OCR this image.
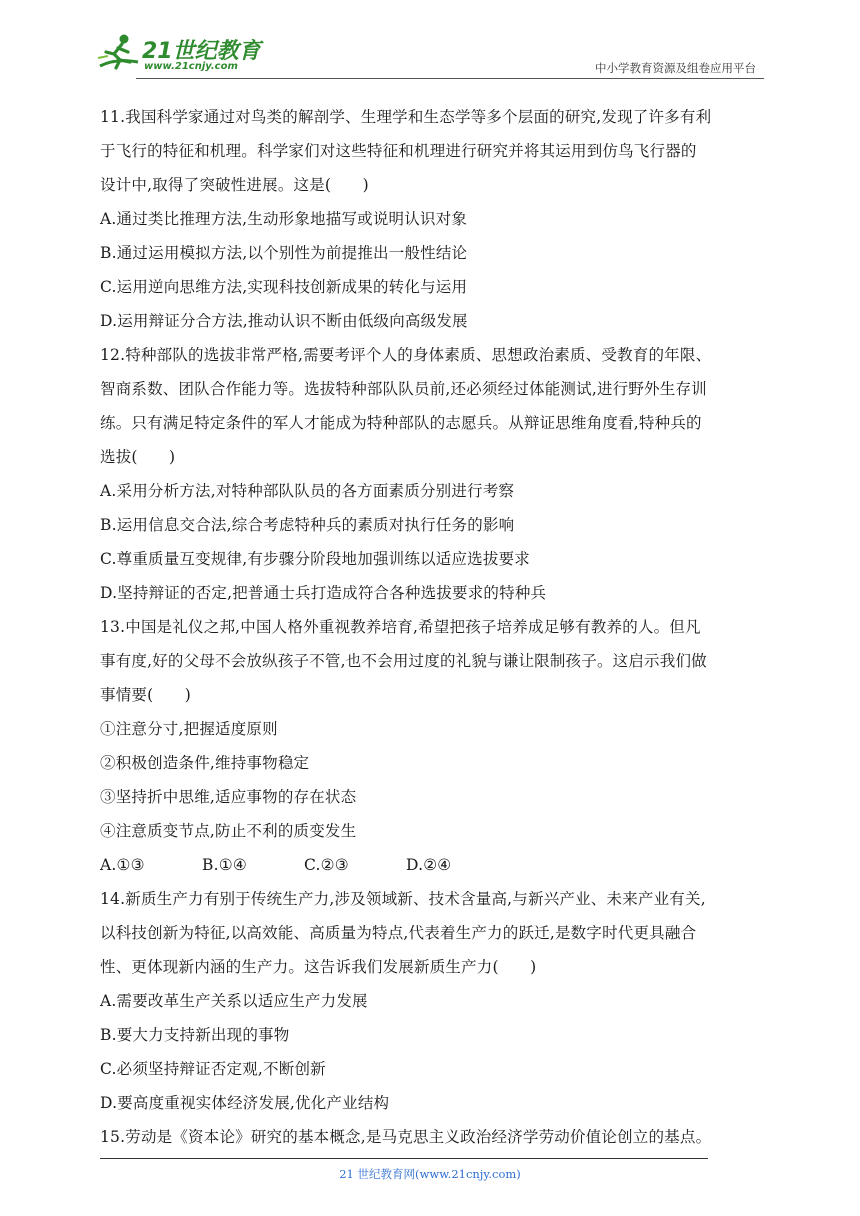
21世纪教育
www.21cnjy.com	中小学教育资源及组卷应用平台

11.我国科学家通过对鸟类的解剖学、生理学和生态学等多个层面的研究,发现了许多有利

于飞行的特征和机理。科学家们对这些特征和机理进行研究并将其运用到仿鸟飞行器的

设计中,取得了突破性进展。这是(　　)

A.通过类比推理方法,生动形象地描写或说明认识对象

B.通过运用模拟方法,以个别性为前提推出一般性结论

C.运用逆向思维方法,实现科技创新成果的转化与运用

D.运用辩证分合方法,推动认识不断由低级向高级发展

12.特种部队的选拔非常严格,需要考评个人的身体素质、思想政治素质、受教育的年限、

智商系数、团队合作能力等。选拔特种部队队员前,还必须经过体能测试,进行野外生存训

练。只有满足特定条件的军人才能成为特种部队的志愿兵。从辩证思维角度看,特种兵的

选拔(　　)

A.采用分析方法,对特种部队队员的各方面素质分别进行考察

B.运用信息交合法,综合考虑特种兵的素质对执行任务的影响

C.尊重质量互变规律,有步骤分阶段地加强训练以适应选拔要求

D.坚持辩证的否定,把普通士兵打造成符合各种选拔要求的特种兵

13.中国是礼仪之邦,中国人格外重视教养培育,希望把孩子培养成足够有教养的人。但凡

事有度,好的父母不会放纵孩子不管,也不会用过度的礼貌与谦让限制孩子。这启示我们做

事情要(　　)

①注意分寸,把握适度原则

②积极创造条件,维持事物稳定

③坚持折中思维,适应事物的存在状态

④注意质变节点,防止不利的质变发生

A.①③	B.①④	C.②③	D.②④

14.新质生产力有别于传统生产力,涉及领域新、技术含量高,与新兴产业、未来产业有关,

以科技创新为特征,以高效能、高质量为特点,代表着生产力的跃迁,是数字时代更具融合

性、更体现新内涵的生产力。这告诉我们发展新质生产力(　　)

A.需要改革生产关系以适应生产力发展

B.要大力支持新出现的事物

C.必须坚持辩证否定观,不断创新

D.要高度重视实体经济发展,优化产业结构

15.劳动是《资本论》研究的基本概念,是马克思主义政治经济学劳动价值论创立的基点。

21 世纪教育网(www.21cnjy.com)
